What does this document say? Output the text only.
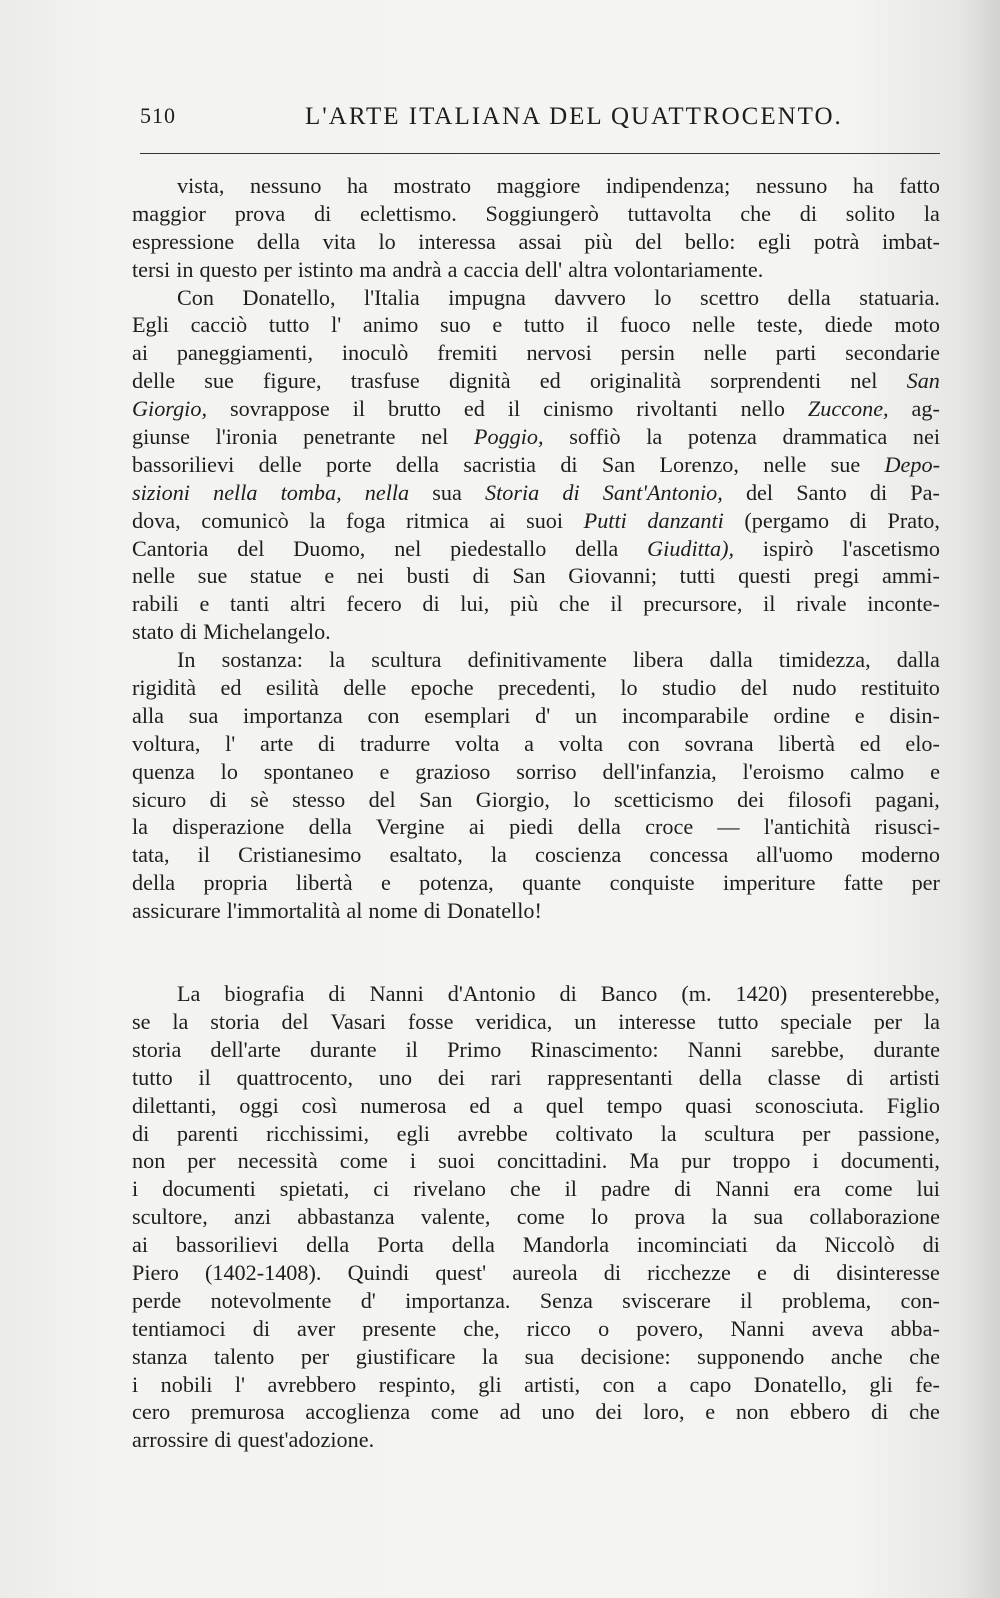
510	L'ARTE ITALIANA DEL QUATTROCENTO.
vista, nessuno ha mostrato maggiore indipendenza; nessuno ha fatto
maggior prova di eclettismo. Soggiungerò tuttavolta che di solito la
espressione della vita lo interessa assai più del bello: egli potrà imbat-
tersi in questo per istinto ma andrà a caccia dell' altra volontariamente.
Con Donatello, l'Italia impugna davvero lo scettro della statuaria.
Egli cacciò tutto l' animo suo e tutto il fuoco nelle teste, diede moto
ai paneggiamenti, inoculò fremiti nervosi persin nelle parti secondarie
delle sue figure, trasfuse dignità ed originalità sorprendenti nel San
Giorgio, sovrappose il brutto ed il cinismo rivoltanti nello Zuccone, ag-
giunse l'ironia penetrante nel Poggio, soffiò la potenza drammatica nei
bassorilievi delle porte della sacristia di San Lorenzo, nelle sue Depo-
sizioni nella tomba, nella sua Storia di Sant'Antonio, del Santo di Pa-
dova, comunicò la foga ritmica ai suoi Putti danzanti (pergamo di Prato,
Cantoria del Duomo, nel piedestallo della Giuditta), ispirò l'ascetismo
nelle sue statue e nei busti di San Giovanni; tutti questi pregi ammi-
rabili e tanti altri fecero di lui, più che il precursore, il rivale inconte-
stato di Michelangelo.
In sostanza: la scultura definitivamente libera dalla timidezza, dalla
rigidità ed esilità delle epoche precedenti, lo studio del nudo restituito
alla sua importanza con esemplari d' un incomparabile ordine e disin-
voltura, l' arte di tradurre volta a volta con sovrana libertà ed elo-
quenza lo spontaneo e grazioso sorriso dell'infanzia, l'eroismo calmo e
sicuro di sè stesso del San Giorgio, lo scetticismo dei filosofi pagani,
la disperazione della Vergine ai piedi della croce — l'antichità risusci-
tata, il Cristianesimo esaltato, la coscienza concessa all'uomo moderno
della propria libertà e potenza, quante conquiste imperiture fatte per
assicurare l'immortalità al nome di Donatello!
La biografia di Nanni d'Antonio di Banco (m. 1420) presenterebbe,
se la storia del Vasari fosse veridica, un interesse tutto speciale per la
storia dell'arte durante il Primo Rinascimento: Nanni sarebbe, durante
tutto il quattrocento, uno dei rari rappresentanti della classe di artisti
dilettanti, oggi così numerosa ed a quel tempo quasi sconosciuta. Figlio
di parenti ricchissimi, egli avrebbe coltivato la scultura per passione,
non per necessità come i suoi concittadini. Ma pur troppo i documenti,
i documenti spietati, ci rivelano che il padre di Nanni era come lui
scultore, anzi abbastanza valente, come lo prova la sua collaborazione
ai bassorilievi della Porta della Mandorla incominciati da Niccolò di
Piero (1402-1408). Quindi quest' aureola di ricchezze e di disinteresse
perde notevolmente d' importanza. Senza sviscerare il problema, con-
tentiamoci di aver presente che, ricco o povero, Nanni aveva abba-
stanza talento per giustificare la sua decisione: supponendo anche che
i nobili l' avrebbero respinto, gli artisti, con a capo Donatello, gli fe-
cero premurosa accoglienza come ad uno dei loro, e non ebbero di che
arrossire di quest'adozione.
